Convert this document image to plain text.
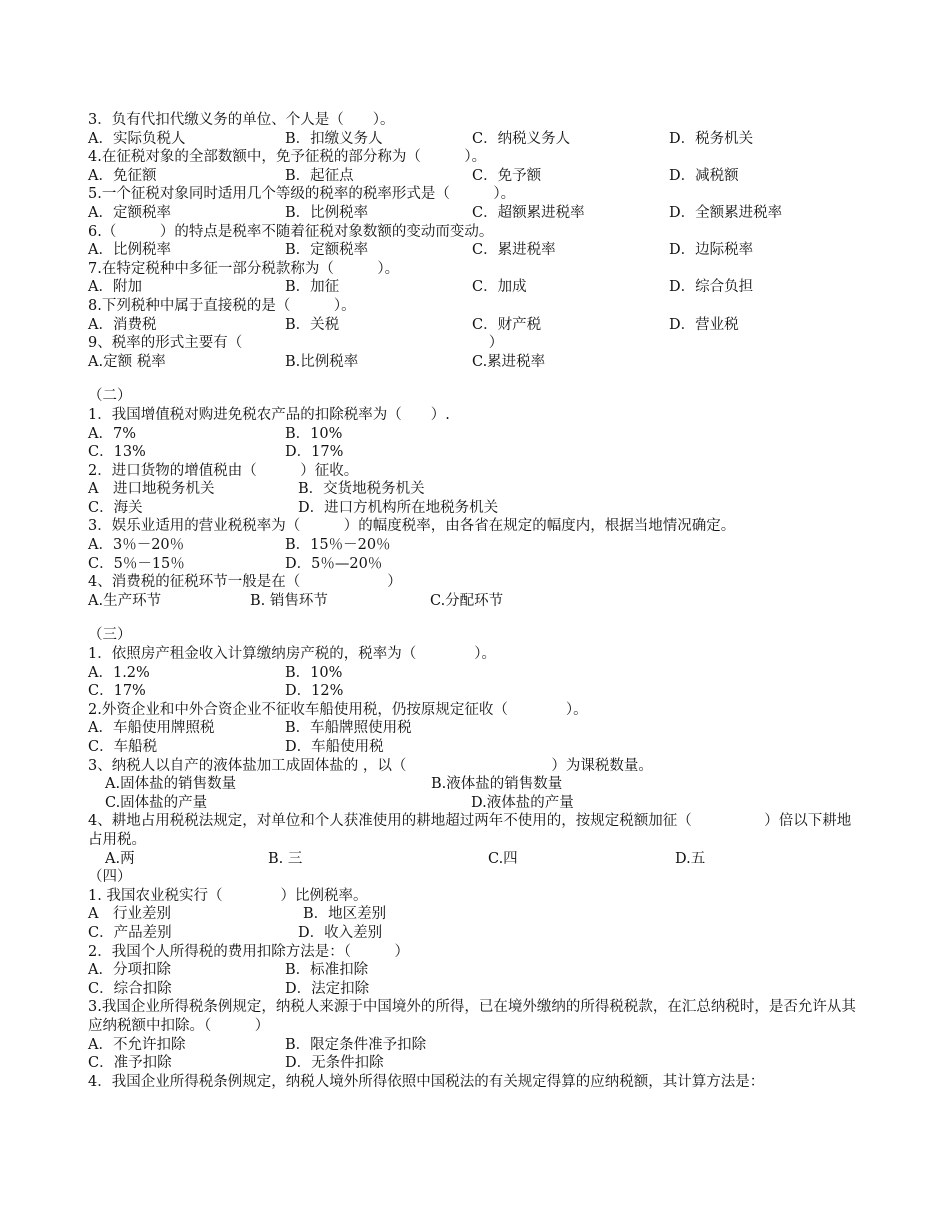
3．负有代扣代缴义务的单位、个人是（　　）。
A．实际负税人	B．扣缴义务人	C．纳税义务人	D．税务机关
4.在征税对象的全部数额中，免予征税的部分称为（　　　）。
A．免征额	B．起征点	C．免予额	D．减税额
5.一个征税对象同时适用几个等级的税率的税率形式是（　　　）。
A．定额税率	B．比例税率	C．超额累进税率	D．全额累进税率
6.（　　　）的特点是税率不随着征税对象数额的变动而变动。
A．比例税率	B．定额税率	C．累进税率	D．边际税率
7.在特定税种中多征一部分税款称为（　　　）。
A．附加	B．加征	C．加成	D．综合负担
8.下列税种中属于直接税的是（　　　）。
A．消费税	B．关税	C．财产税	D．营业税
9、税率的形式主要有（　　　　　　　　　　　　　　　　　）
A.定额 税率	B.比例税率	C.累进税率
（二）
1．我国增值税对购进免税农产品的扣除税率为（　　）.
A．7%	B．10%
C．13%	D．17%
2．进口货物的增值税由（　　　）征收。
A　进口地税务机关	B．交货地税务机关
C．海关	D．进口方机构所在地税务机关
3．娱乐业适用的营业税税率为（　　　）的幅度税率，由各省在规定的幅度内，根据当地情况确定。
A．3％－20％	B．15％－20％
C．5％－15％	D．5％—20％
4、消费税的征税环节一般是在（　　　　　　）
A.生产环节	B. 销售环节	C.分配环节
（三）
1．依照房产租金收入计算缴纳房产税的，税率为（　　　　）。
A．1.2%	B．10%
C．17%	D．12%
2.外资企业和中外合资企业不征收车船使用税，仍按原规定征收（　　　　）。
A．车船使用牌照税	B．车船牌照使用税
C．车船税	D．车船使用税
3、纳税人以自产的液体盐加工成固体盐的 ，以（　　　　　　　　　　）为课税数量。
A.固体盐的销售数量	B.液体盐的销售数量
C.固体盐的产量	D.液体盐的产量
4、耕地占用税税法规定，对单位和个人获准使用的耕地超过两年不使用的，按规定税额加征（　　　　　）倍以下耕地占用税。
A.两	B. 三	C.四	D.五
（四）
1. 我国农业税实行（　　　　）比例税率。
A　行业差别	B．地区差别
C．产品差别	D．收入差别
2．我国个人所得税的费用扣除方法是：（　　　）
A．分项扣除	B．标准扣除
C．综合扣除	D．法定扣除
3.我国企业所得税条例规定，纳税人来源于中国境外的所得，已在境外缴纳的所得税税款，在汇总纳税时，是否允许从其应纳税额中扣除。（　　　）
A．不允许扣除	B．限定条件准予扣除
C．准予扣除	D．无条件扣除
4．我国企业所得税条例规定，纳税人境外所得依照中国税法的有关规定得算的应纳税额，其计算方法是：
